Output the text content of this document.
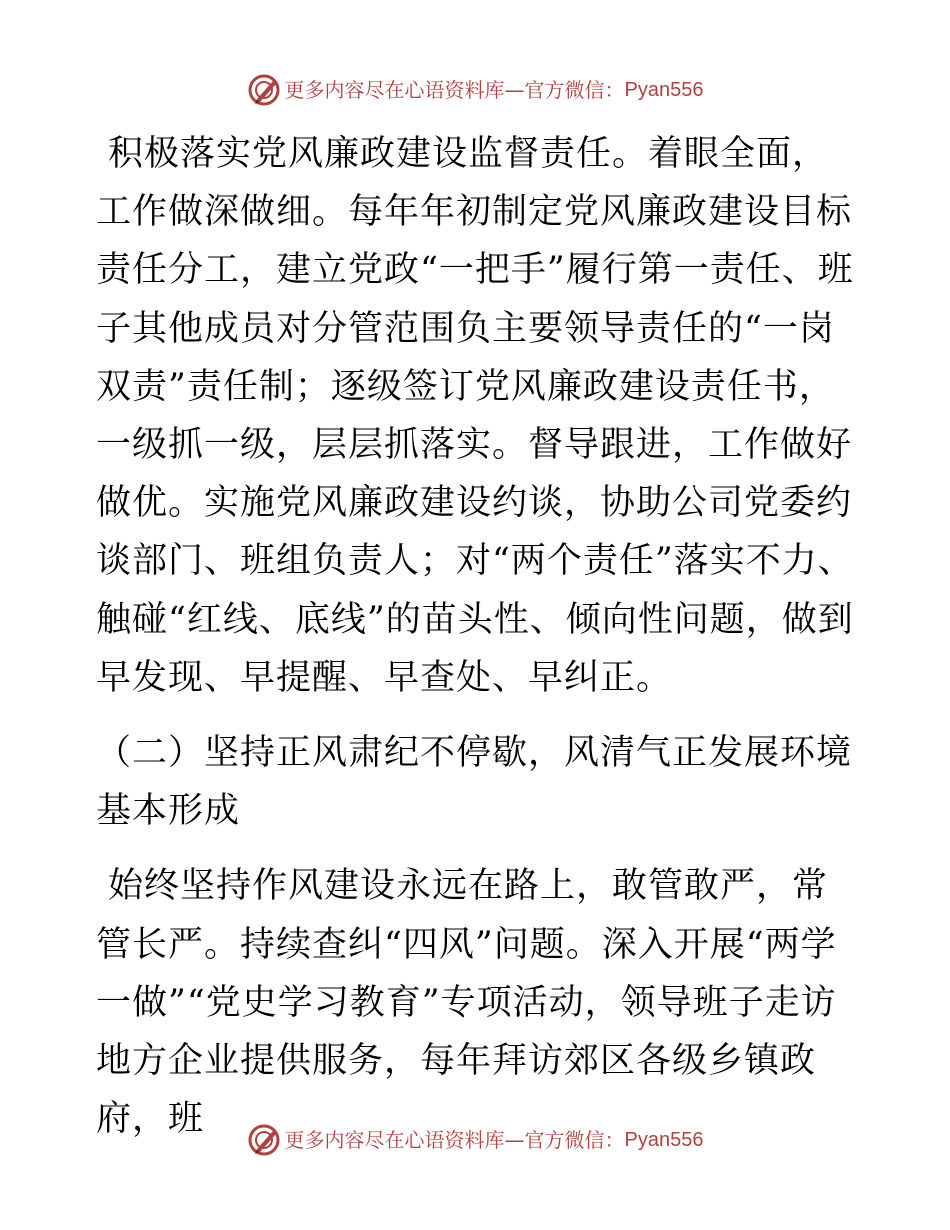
更多内容尽在心语资料库 — 官方微信： Pyan556

积极落实党风廉政建设监督责任。着眼全面，工作做深做细。每年年初制定党风廉政建设目标责任分工，建立党政“一把手”履行第一责任、班子其他成员对分管范围负主要领导责任的“一岗双责”责任制；逐级签订党风廉政建设责任书，一级抓一级，层层抓落实。督导跟进，工作做好做优。实施党风廉政建设约谈，协助公司党委约谈部门、班组负责人；对“两个责任”落实不力、触碰“红线、底线”的苗头性、倾向性问题，做到早发现、早提醒、早查处、早纠正。

（二）坚持正风肃纪不停歇，风清气正发展环境基本形成

始终坚持作风建设永远在路上，敢管敢严，常管长严。持续查纠“四风”问题。深入开展“两学一做”“党史学习教育”专项活动，领导班子走访地方企业提供服务，每年拜访郊区各级乡镇政府，班

更多内容尽在心语资料库 — 官方微信： Pyan556
